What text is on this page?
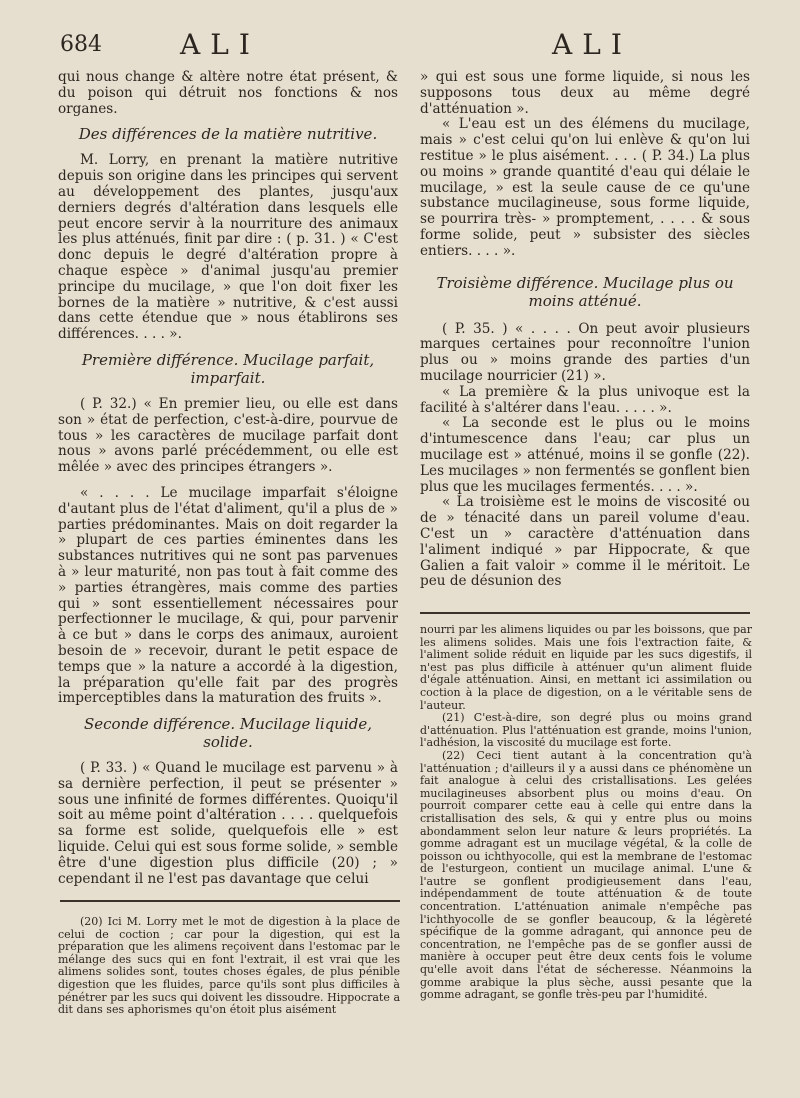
684	ALI	ALI

qui nous change & altère notre état présent, & du poison qui détruit nos fonctions & nos organes.

Des différences de la matière nutritive.

M. Lorry, en prenant la matière nutritive depuis son origine dans les principes qui servent au développement des plantes, jusqu'aux derniers degrés d'altération dans lesquels elle peut encore servir à la nourriture des animaux les plus atténués, finit par dire : ( p. 31. ) « C'est donc depuis le degré d'altération propre à chaque espèce » d'animal jusqu'au premier principe du mucilage, » que l'on doit fixer les bornes de la matière » nutritive, & c'est aussi dans cette étendue que » nous établirons ses différences. . . . ».

Première différence. Mucilage parfait, imparfait.

( P. 32.) « En premier lieu, ou elle est dans son » état de perfection, c'est-à-dire, pourvue de tous » les caractères de mucilage parfait dont nous » avons parlé précédemment, ou elle est mêlée » avec des principes étrangers ».

« . . . . Le mucilage imparfait s'éloigne d'autant plus de l'état d'aliment, qu'il a plus de » parties prédominantes. Mais on doit regarder la » plupart de ces parties éminentes dans les substances nutritives qui ne sont pas parvenues à » leur maturité, non pas tout à fait comme des » parties étrangères, mais comme des parties qui » sont essentiellement nécessaires pour perfectionner le mucilage, & qui, pour parvenir à ce but » dans le corps des animaux, auroient besoin de » recevoir, durant le petit espace de temps que » la nature a accordé à la digestion, la préparation qu'elle fait par des progrès imperceptibles dans la maturation des fruits ».

Seconde différence. Mucilage liquide, solide.

( P. 33. ) « Quand le mucilage est parvenu » à sa dernière perfection, il peut se présenter » sous une infinité de formes différentes. Quoiqu'il soit au même point d'altération . . . . quelquefois sa forme est solide, quelquefois elle » est liquide. Celui qui est sous forme solide, » semble être d'une digestion plus difficile (20) ; » cependant il ne l'est pas davantage que celui

» qui est sous une forme liquide, si nous les supposons tous deux au même degré d'atténuation ».

« L'eau est un des élémens du mucilage, mais » c'est celui qu'on lui enlève & qu'on lui restitue » le plus aisément. . . . ( P. 34.) La plus ou moins » grande quantité d'eau qui délaie le mucilage, » est la seule cause de ce qu'une substance mucilagineuse, sous forme liquide, se pourrira très- » promptement, . . . . & sous forme solide, peut » subsister des siècles entiers. . . . ».

Troisième différence. Mucilage plus ou moins atténué.

( P. 35. ) « . . . . On peut avoir plusieurs marques certaines pour reconnoître l'union plus ou » moins grande des parties d'un mucilage nourricier (21) ».

« La première & la plus univoque est la facilité à s'altérer dans l'eau. . . . . ».

« La seconde est le plus ou le moins d'intumescence dans l'eau; car plus un mucilage est » atténué, moins il se gonfle (22). Les mucilages » non fermentés se gonflent bien plus que les mucilages fermentés. . . . ».

« La troisième est le moins de viscosité ou de » ténacité dans un pareil volume d'eau. C'est un » caractère d'atténuation dans l'aliment indiqué » par Hippocrate, & que Galien a fait valoir » comme il le méritoit. Le peu de désunion des

(20) Ici M. Lorry met le mot de digestion à la place de celui de coction ; car pour la digestion, qui est la préparation que les alimens reçoivent dans l'estomac par le mélange des sucs qui en font l'extrait, il est vrai que les alimens solides sont, toutes choses égales, de plus pénible digestion que les fluides, parce qu'ils sont plus difficiles à pénétrer par les sucs qui doivent les dissoudre. Hippocrate a dit dans ses aphorismes qu'on étoit plus aisément

nourri par les alimens liquides ou par les boissons, que par les alimens solides. Mais une fois l'extraction faite, & l'aliment solide réduit en liquide par les sucs digestifs, il n'est pas plus difficile à atténuer qu'un aliment fluide d'égale atténuation. Ainsi, en mettant ici assimilation ou coction à la place de digestion, on a le véritable sens de l'auteur.

(21) C'est-à-dire, son degré plus ou moins grand d'atténuation. Plus l'atténuation est grande, moins l'union, l'adhésion, la viscosité du mucilage est forte.

(22) Ceci tient autant à la concentration qu'à l'atténuation ; d'ailleurs il y a aussi dans ce phénomène un fait analogue à celui des cristallisations. Les gelées mucilagineuses absorbent plus ou moins d'eau. On pourroit comparer cette eau à celle qui entre dans la cristallisation des sels, & qui y entre plus ou moins abondamment selon leur nature & leurs propriétés. La gomme adragant est un mucilage végétal, & la colle de poisson ou ichthyocolle, qui est la membrane de l'estomac de l'esturgeon, contient un mucilage animal. L'une & l'autre se gonflent prodigieusement dans l'eau, indépendamment de toute atténuation & de toute concentration. L'atténuation animale n'empêche pas l'ichthyocolle de se gonfler beaucoup, & la légèreté spécifique de la gomme adragant, qui annonce peu de concentration, ne l'empêche pas de se gonfler aussi de manière à occuper peut être deux cents fois le volume qu'elle avoit dans l'état de sécheresse. Néanmoins la gomme arabique la plus sèche, aussi pesante que la gomme adragant, se gonfle très-peu par l'humidité.
